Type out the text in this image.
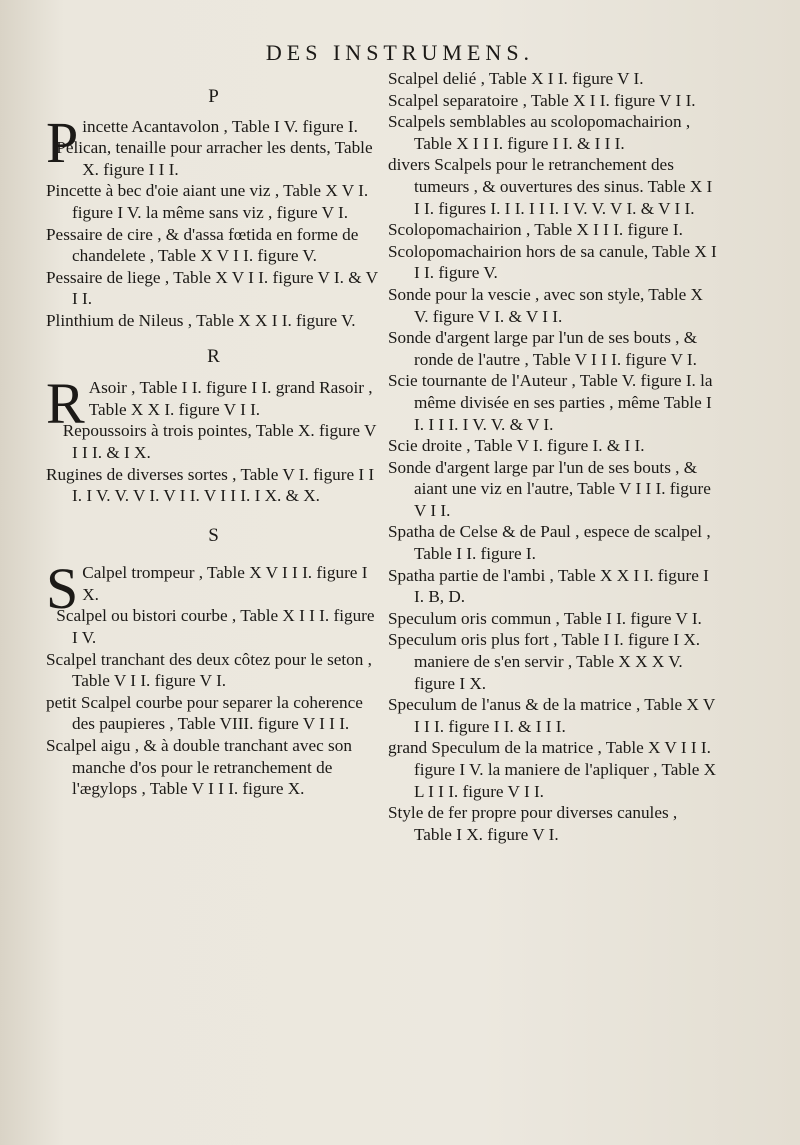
DES INSTRUMENS.
P

P incette Acantavolon , Table I V. figure I.

Pelican, tenaille pour arracher les dents, Table X. figure I I I.

Pincette à bec d'oie aiant une viz , Table X V I. figure I V. la même sans viz , figure V I.

Pessaire de cire , & d'assa fœtida en forme de chandelete , Table X V I I. figure V.

Pessaire de liege , Table X V I I. figure V I. & V I I.

Plinthium de Nileus , Table X X I I. figure V.

R

R Asoir , Table I I. figure I I. grand Rasoir , Table X X I. figure V I I.

Repoussoirs à trois pointes, Table X. figure V I I I. & I X.

Rugines de diverses sortes , Table V I. figure I I I. I V. V. V I. V I I. V I I I. I X. & X.

S

S Calpel trompeur , Table X V I I I. figure I X.

Scalpel ou bistori courbe , Table X I I I. figure I V.

Scalpel tranchant des deux côtez pour le seton , Table V I I. figure V I.

petit Scalpel courbe pour separer la coherence des paupieres , Table VIII. figure V I I I.

Scalpel aigu , & à double tranchant avec son manche d'os pour le retranchement de l'ægylops , Table V I I I. figure X.

Scalpel delié , Table X I I. figure V I.

Scalpel separatoire , Table X I I. figure V I I.

Scalpels semblables au scolopomachairion , Table X I I I. figure I I. & I I I.

divers Scalpels pour le retranchement des tumeurs , & ouvertures des sinus. Table X I I I. figures I. I I. I I I. I V. V. V I. & V I I.

Scolopomachairion , Table X I I I. figure I.

Scolopomachairion hors de sa canule, Table X I I I. figure V.

Sonde pour la vescie , avec son style, Table X V. figure V I. & V I I.

Sonde d'argent large par l'un de ses bouts , & ronde de l'autre , Table V I I I. figure V I.

Scie tournante de l'Auteur , Table V. figure I. la même divisée en ses parties , même Table I I. I I I. I V. V. & V I.

Scie droite , Table V I. figure I. & I I.

Sonde d'argent large par l'un de ses bouts , & aiant une viz en l'autre, Table V I I I. figure V I I.

Spatha de Celse & de Paul , espece de scalpel , Table I I. figure I.

Spatha partie de l'ambi , Table X X I I. figure I I. B, D.

Speculum oris commun , Table I I. figure V I.

Speculum oris plus fort , Table I I. figure I X. maniere de s'en servir , Table X X X V. figure I X.

Speculum de l'anus & de la matrice , Table X V I I I. figure I I. & I I I.

grand Speculum de la matrice , Table X V I I I. figure I V. la maniere de l'apliquer , Table X L I I I. figure V I I.

Style de fer propre pour diverses canules , Table I X. figure V I.
